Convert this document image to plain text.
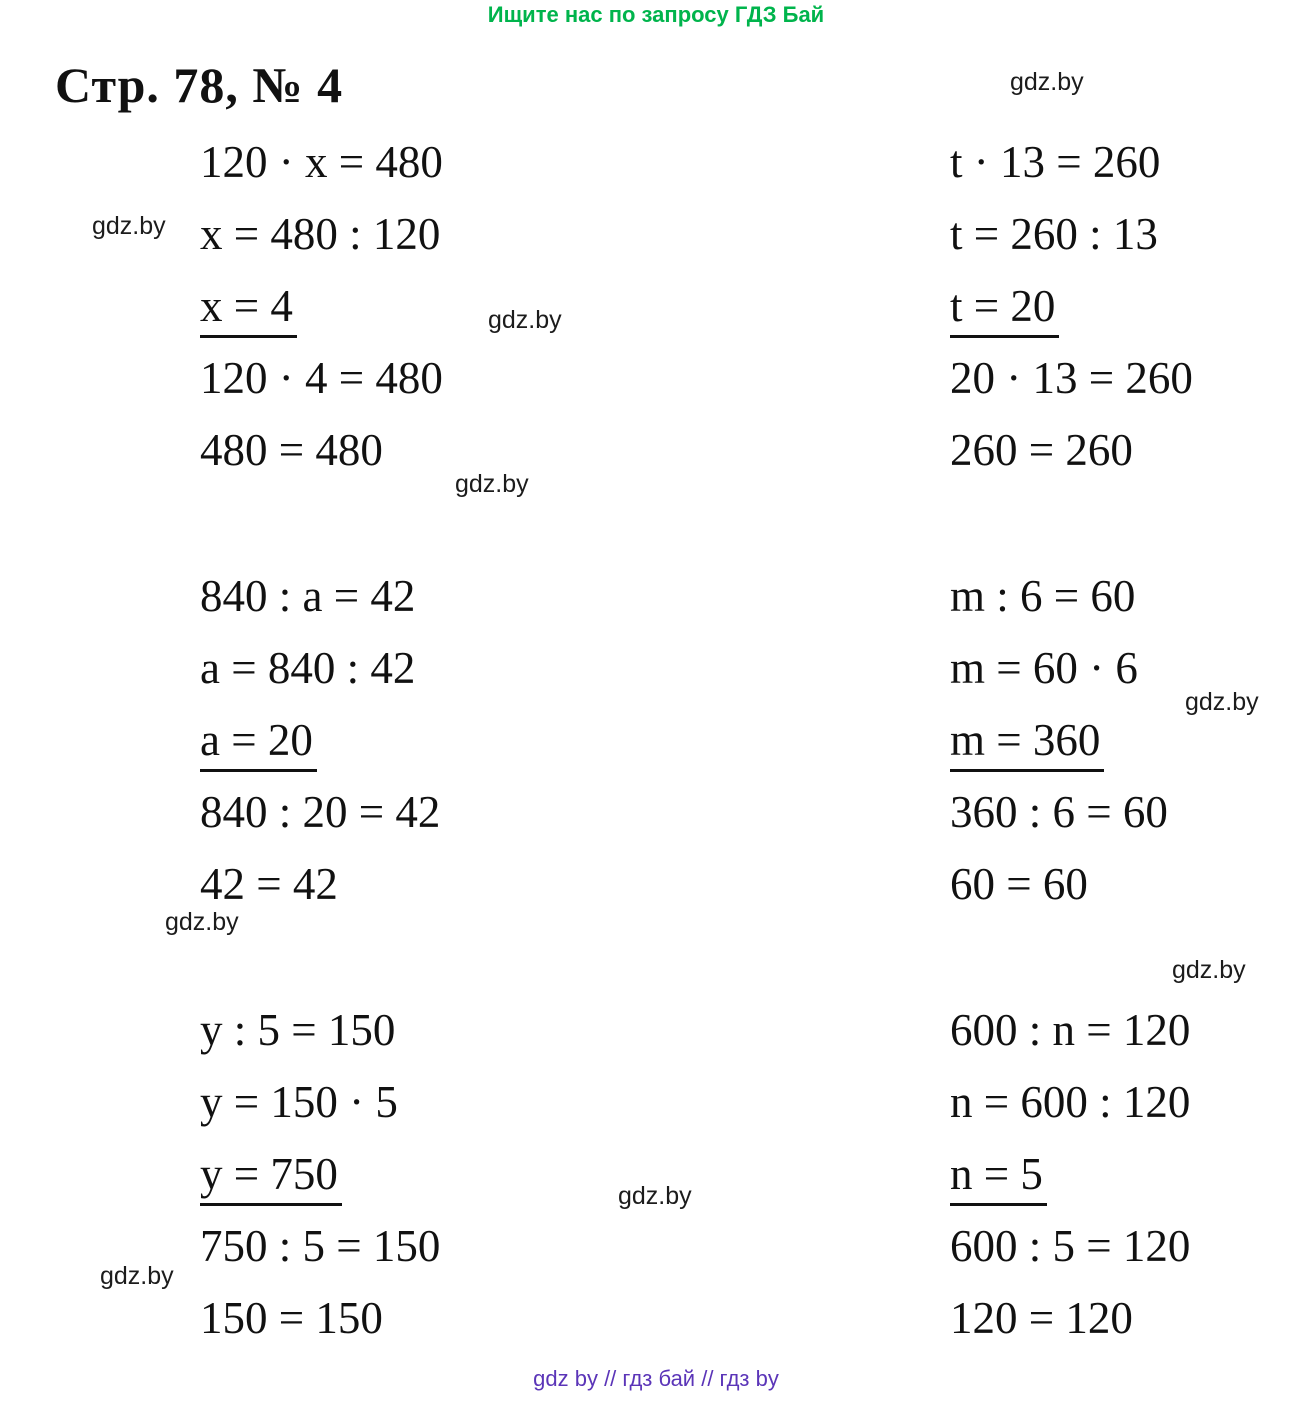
Ищите нас по запросу ГДЗ Бай
Стр. 78, № 4	gdz.by
gdz.by
gdz.by
gdz.by
gdz.by
gdz.by
gdz.by
gdz.by
gdz.by
120 · x = 480
x = 480 : 120
x = 4
120 · 4 = 480
480 = 480
t · 13 = 260
t = 260 : 13
t = 20
20 · 13 = 260
260 = 260
840 : a = 42
a = 840 : 42
a = 20
840 : 20 = 42
42 = 42
m : 6 = 60
m = 60 · 6
m = 360
360 : 6 = 60
60 = 60
y : 5 = 150
y = 150 · 5
y = 750
750 : 5 = 150
150 = 150
600 : n = 120
n = 600 : 120
n = 5
600 : 5 = 120
120 = 120
gdz by // гдз бай // гдз by
